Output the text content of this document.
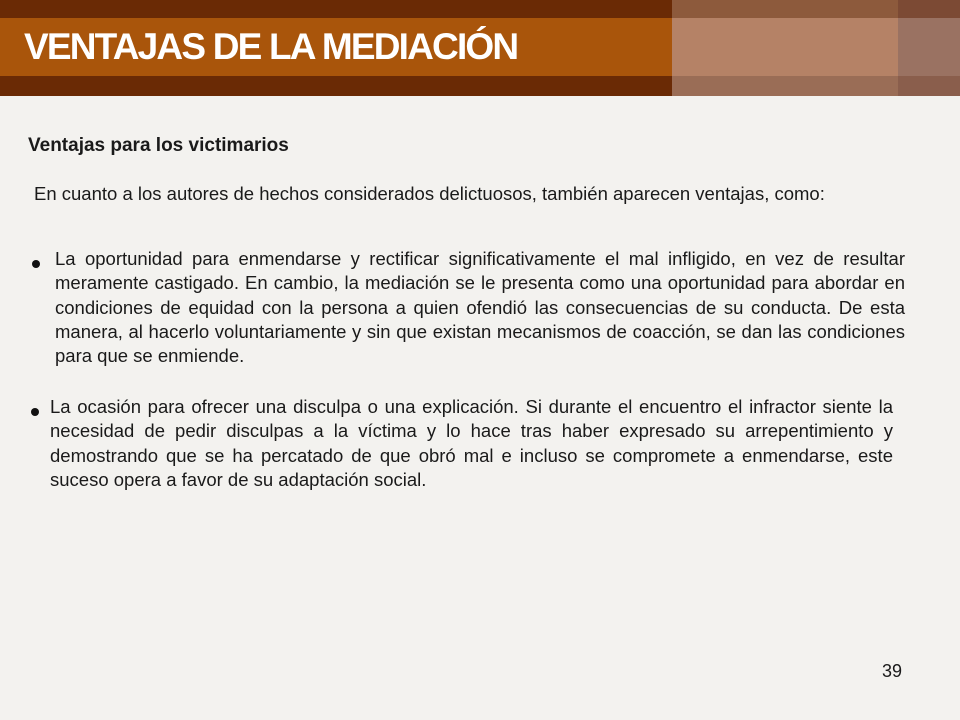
VENTAJAS DE LA MEDIACIÓN
Ventajas para los victimarios

En cuanto a los autores de hechos considerados delictuosos, también aparecen ventajas, como:

La oportunidad para enmendarse y rectificar significativamente el mal infligido, en vez de resultar meramente castigado. En cambio, la mediación se le presenta como una oportunidad para abordar en condiciones de equidad con la persona a quien ofendió las consecuencias de su conducta. De esta manera, al hacerlo voluntariamente y sin que existan mecanismos de coacción, se dan las condiciones para que se enmiende.
La ocasión para ofrecer una disculpa o una explicación. Si durante el encuentro el infractor siente la necesidad de pedir disculpas a la víctima y lo hace tras haber expresado su arrepentimiento y demostrando que se ha percatado de que obró mal e incluso se compromete a enmendarse, este suceso opera a favor de su adaptación social.

39
